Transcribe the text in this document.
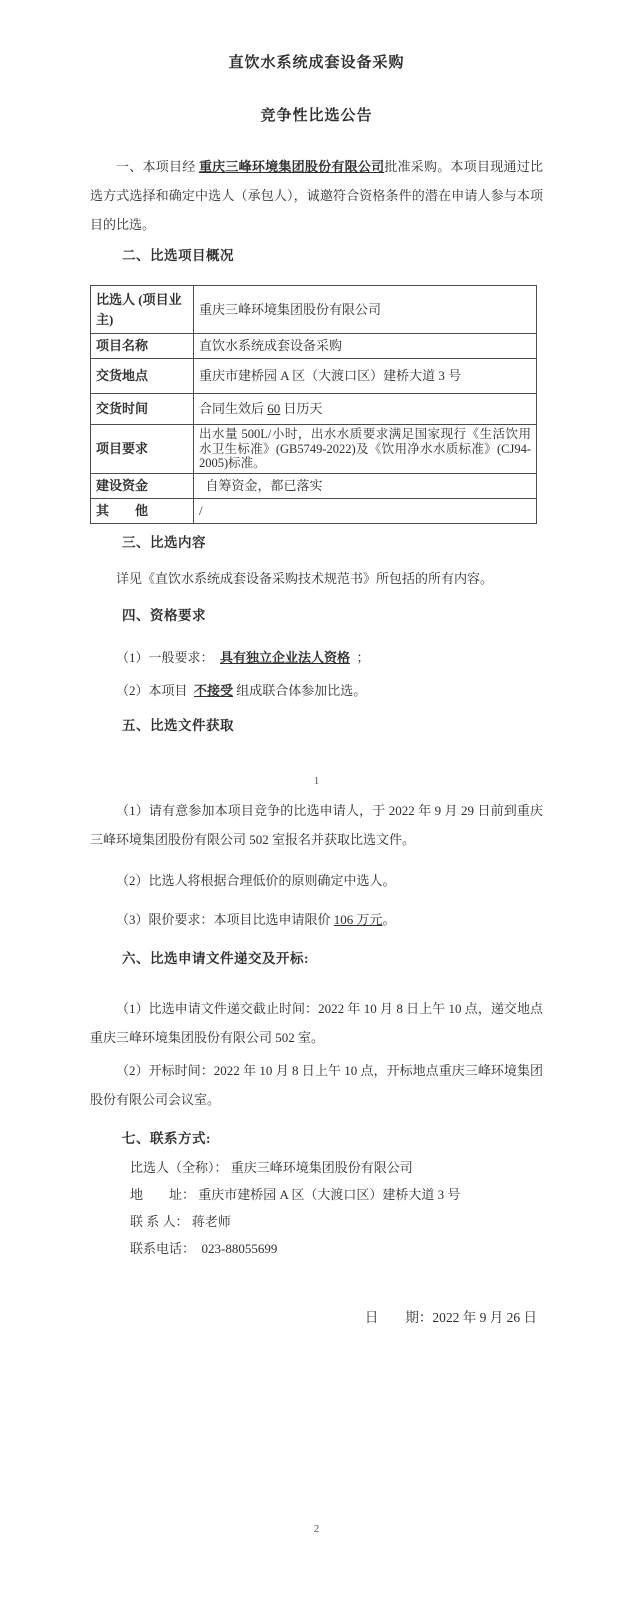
直饮水系统成套设备采购
竞争性比选公告

一、本项目经 重庆三峰环境集团股份有限公司批准采购。本项目现通过比选方式选择和确定中选人（承包人），诚邀符合资格条件的潜在申请人参与本项目的比选。

二、比选项目概况
比选人 (项目业主)	重庆三峰环境集团股份有限公司
项目名称	直饮水系统成套设备采购
交货地点	重庆市建桥园 A 区（大渡口区）建桥大道 3 号
交货时间	合同生效后 60 日历天
项目要求	出水量 500L/小时，出水水质要求满足国家现行《生活饮用水卫生标准》(GB5749-2022)及《饮用净水水质标准》(CJ94-2005)标准。
建设资金	自筹资金，都已落实
其　　他	/
三、比选内容

详见《直饮水系统成套设备采购技术规范书》所包括的所有内容。

四、资格要求

（1）一般要求：  具有独立企业法人资格  ；

（2）本项目  不接受 组成联合体参加比选。

五、比选文件获取
1

（1）请有意参加本项目竞争的比选申请人，于 2022 年 9 月 29 日前到重庆三峰环境集团股份有限公司 502 室报名并获取比选文件。

（2）比选人将根据合理低价的原则确定中选人。

（3）限价要求：本项目比选申请限价 106 万元。

六、比选申请文件递交及开标:

（1）比选申请文件递交截止时间：2022 年 10 月 8 日上午 10 点，递交地点重庆三峰环境集团股份有限公司 502 室。

（2）开标时间：2022 年 10 月 8 日上午 10 点，开标地点重庆三峰环境集团股份有限公司会议室。

七、联系方式:
比选人（全称）： 重庆三峰环境集团股份有限公司
地　　址： 重庆市建桥园 A 区（大渡口区）建桥大道 3 号
联 系 人： 蒋老师
联系电话：  023-88055699
日　　期：2022 年 9 月 26 日
2
